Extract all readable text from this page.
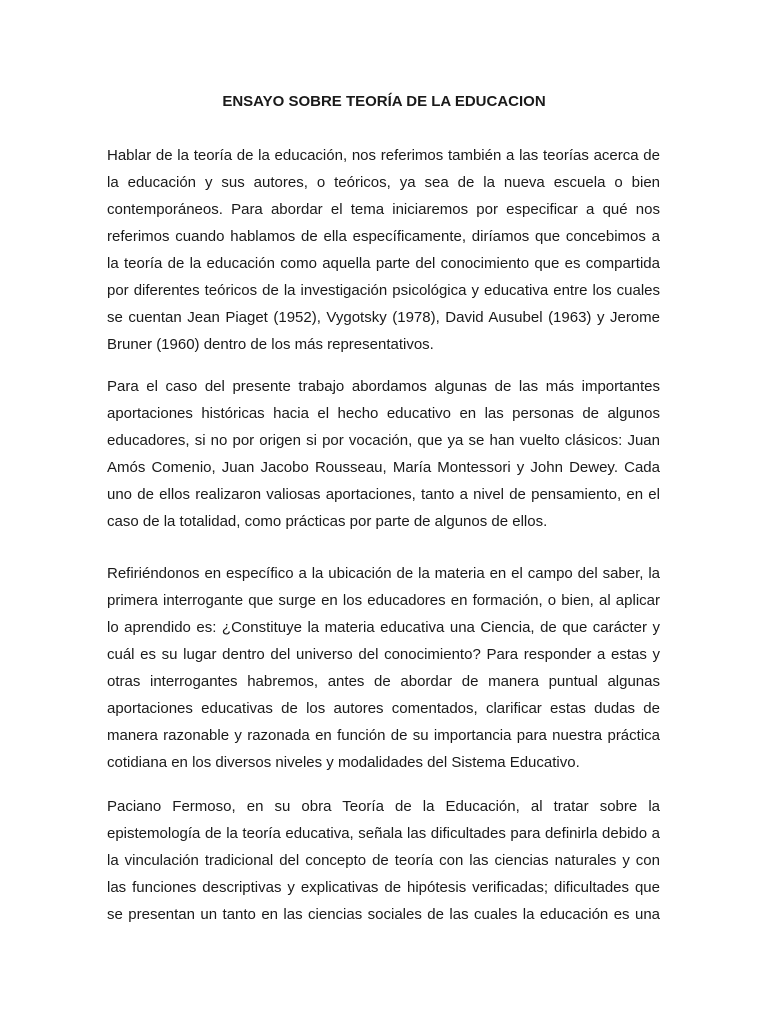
ENSAYO SOBRE TEORÍA DE LA EDUCACION
Hablar de la teoría de la educación, nos referimos también a las teorías acerca de
la educación y sus autores, o teóricos, ya sea de la nueva escuela o bien
contemporáneos. Para abordar el tema iniciaremos por especificar a qué nos
referimos cuando hablamos de ella específicamente, diríamos que concebimos a
la teoría de la educación como aquella parte del conocimiento que es compartida
por diferentes teóricos de la investigación psicológica y educativa entre los cuales
se cuentan Jean Piaget (1952), Vygotsky (1978), David Ausubel (1963) y Jerome
Bruner (1960) dentro de los más representativos.
Para el caso del presente trabajo abordamos algunas de las más importantes
aportaciones históricas hacia el hecho educativo en las personas de algunos
educadores, si no por origen si por vocación, que ya se han vuelto clásicos: Juan
Amós Comenio, Juan Jacobo Rousseau, María Montessori y John Dewey. Cada
uno de ellos realizaron valiosas aportaciones, tanto a nivel de pensamiento, en el
caso de la totalidad, como prácticas por parte de algunos de ellos.
Refiriéndonos en específico a la ubicación de la materia en el campo del saber, la
primera interrogante que surge en los educadores en formación, o bien, al aplicar
lo aprendido es: ¿Constituye la materia educativa una Ciencia, de que carácter y
cuál es su lugar dentro del universo del conocimiento? Para responder a estas y
otras interrogantes habremos, antes de abordar de manera puntual algunas
aportaciones educativas de los autores comentados, clarificar estas dudas de
manera razonable y razonada en función de su importancia para nuestra práctica
cotidiana en los diversos niveles y modalidades del Sistema Educativo.
Paciano Fermoso, en su obra Teoría de la Educación, al tratar sobre la
epistemología de la teoría educativa, señala las dificultades para definirla debido a
la vinculación tradicional del concepto de teoría con las ciencias naturales y con
las funciones descriptivas y explicativas de hipótesis verificadas; dificultades que
se presentan un tanto en las ciencias sociales de las cuales la educación es una
